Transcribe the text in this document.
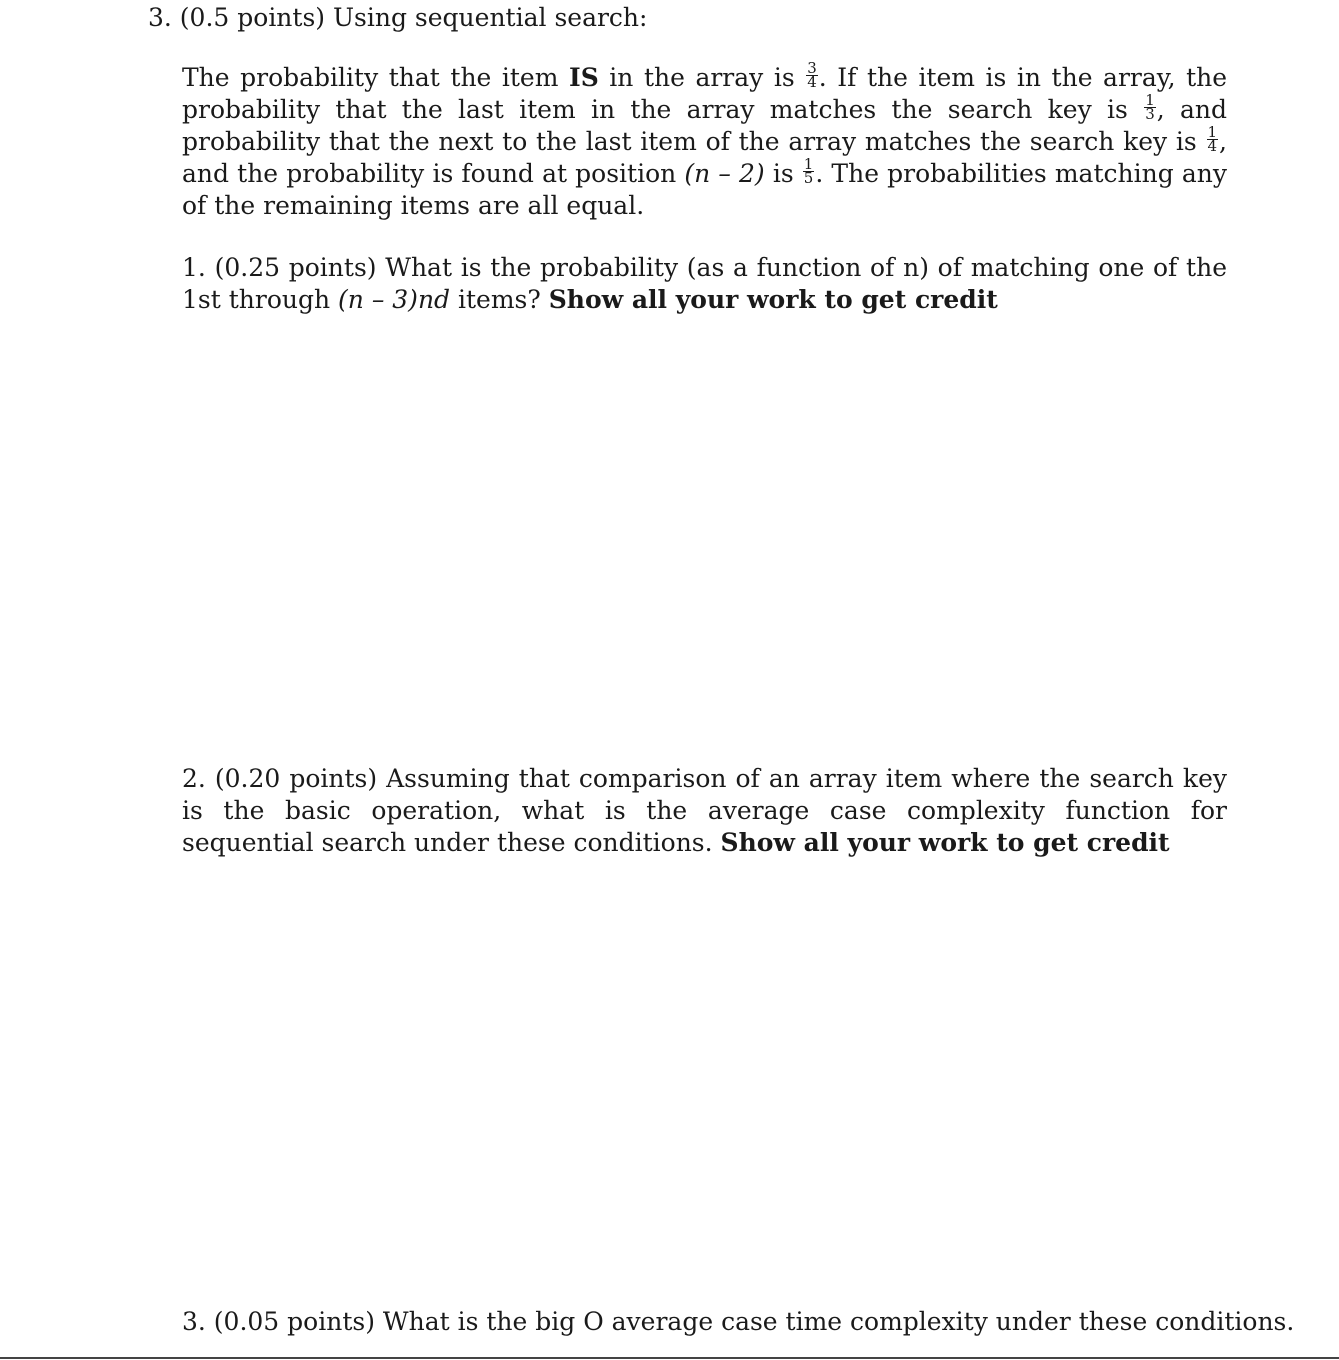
3. (0.5 points) Using sequential search:
The probability that the item IS in the array is $\frac{3}{4}$ . If the item is in the array, the probability that the last item in the array matches the search key is $\frac{1}{3}$ , and probability that the next to the last item of the array matches the search key is $\frac{1}{4}$ , and the probability is found at position (n – 2) is $\frac{1}{5}$ . The probabilities matching any of the remaining items are all equal.
1. (0.25 points) What is the probability (as a function of n) of matching one of the 1st through (n – 3)nd items? Show all your work to get credit
2. (0.20 points) Assuming that comparison of an array item where the search key is the basic operation, what is the average case complexity function for sequential search under these conditions. Show all your work to get credit
3. (0.05 points) What is the big O average case time complexity under these conditions.
